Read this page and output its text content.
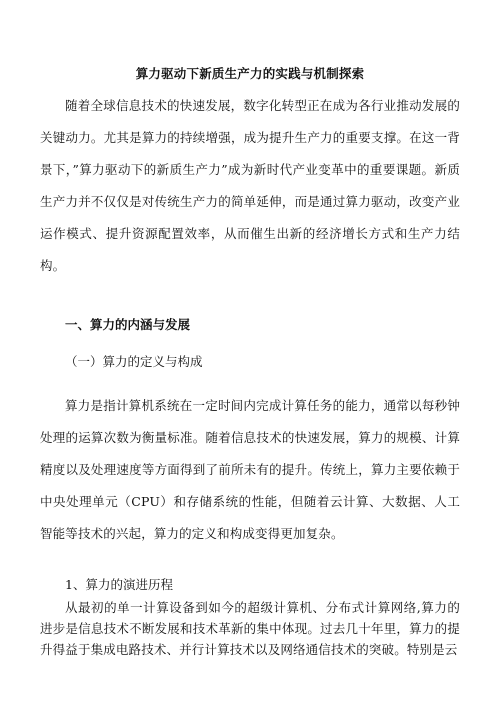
算力驱动下新质生产力的实践与机制探索

随着全球信息技术的快速发展，数字化转型正在成为各行业推动发展的关键动力。尤其是算力的持续增强，成为提升生产力的重要支撑。在这一背景下，”算力驱动下的新质生产力”成为新时代产业变革中的重要课题。新质生产力并不仅仅是对传统生产力的简单延伸，而是通过算力驱动，改变产业运作模式、提升资源配置效率，从而催生出新的经济增长方式和生产力结构。

一、算力的内涵与发展
（一）算力的定义与构成

算力是指计算机系统在一定时间内完成计算任务的能力，通常以每秒钟处理的运算次数为衡量标准。随着信息技术的快速发展，算力的规模、计算精度以及处理速度等方面得到了前所未有的提升。传统上，算力主要依赖于中央处理单元（CPU）和存储系统的性能，但随着云计算、大数据、人工智能等技术的兴起，算力的定义和构成变得更加复杂。

1、算力的演进历程

从最初的单一计算设备到如今的超级计算机、分布式计算网络,算力的进步是信息技术不断发展和技术革新的集中体现。过去几十年里，算力的提升得益于集成电路技术、并行计算技术以及网络通信技术的突破。特别是云
